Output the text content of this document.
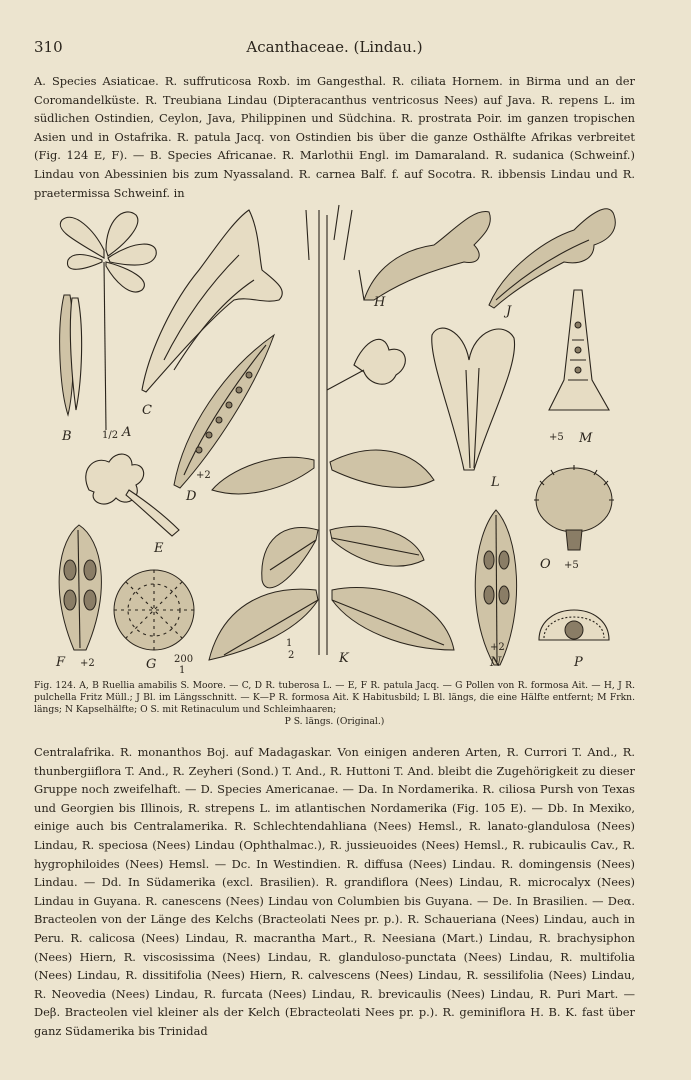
310	Acanthaceae. (Lindau.)

A. Species Asiaticae. R. suffruticosa Roxb. im Gangesthal. R. ciliata Hornem. in Birma und an der Coromandelküste. R. Treubiana Lindau (Dipteracanthus ventricosus Nees) auf Java. R. repens L. im südlichen Ostindien, Ceylon, Java, Philippinen und Südchina. R. prostrata Poir. im ganzen tropischen Asien und in Ostafrika. R. patula Jacq. von Ostindien bis über die ganze Osthälfte Afrikas verbreitet (Fig. 124 E, F). — B. Species Africanae. R. Marlothii Engl. im Damaraland. R. sudanica (Schweinf.) Lindau von Abessinien bis zum Nyassaland. R. carnea Balf. f. auf Socotra. R. ibbensis Lindau und R. praetermissa Schweinf. in

B	A
1/2
C
+2
D
E
F +2	G 200
1
H
J
L
+5 M
O +5
1
2	K
+2
N	P

Fig. 124. A, B Ruellia amabilis S. Moore. — C, D R. tuberosa L. — E, F R. patula Jacq. — G Pollen von R. formosa Ait. — H, J R. pulchella Fritz Müll.; J Bl. im Längsschnitt. — K—P R. formosa Ait. K Habitusbild; L Bl. längs, die eine Hälfte entfernt; M Frkn. längs; N Kapselhälfte; O S. mit Retinaculum und Schleimhaaren;
P S. längs. (Original.)

Centralafrika. R. monanthos Boj. auf Madagaskar. Von einigen anderen Arten, R. Currori T. And., R. thunbergiiflora T. And., R. Zeyheri (Sond.) T. And., R. Huttoni T. And. bleibt die Zugehörigkeit zu dieser Gruppe noch zweifelhaft. — D. Species Americanae. — Da. In Nordamerika. R. ciliosa Pursh von Texas und Georgien bis Illinois, R. strepens L. im atlantischen Nordamerika (Fig. 105 E). — Db. In Mexiko, einige auch bis Centralamerika. R. Schlechtendahliana (Nees) Hemsl., R. lanato-glandulosa (Nees) Lindau, R. speciosa (Nees) Lindau (Ophthalmac.), R. jussieuoides (Nees) Hemsl., R. rubicaulis Cav., R. hygrophiloides (Nees) Hemsl. — Dc. In Westindien. R. diffusa (Nees) Lindau. R. domingensis (Nees) Lindau. — Dd. In Südamerika (excl. Brasilien). R. grandiflora (Nees) Lindau, R. microcalyx (Nees) Lindau in Guyana. R. canescens (Nees) Lindau von Columbien bis Guyana. — De. In Brasilien. — Deα. Bracteolen von der Länge des Kelchs (Bracteolati Nees pr. p.). R. Schaueriana (Nees) Lindau, auch in Peru. R. calicosa (Nees) Lindau, R. macrantha Mart., R. Neesiana (Mart.) Lindau, R. brachysiphon (Nees) Hiern, R. viscosissima (Nees) Lindau, R. glanduloso-punctata (Nees) Lindau, R. multifolia (Nees) Lindau, R. dissitifolia (Nees) Hiern, R. calvescens (Nees) Lindau, R. sessilifolia (Nees) Lindau, R. Neovedia (Nees) Lindau, R. furcata (Nees) Lindau, R. brevicaulis (Nees) Lindau, R. Puri Mart. — Deβ. Bracteolen viel kleiner als der Kelch (Ebracteolati Nees pr. p.). R. geminiflora H. B. K. fast über ganz Südamerika bis Trinidad
